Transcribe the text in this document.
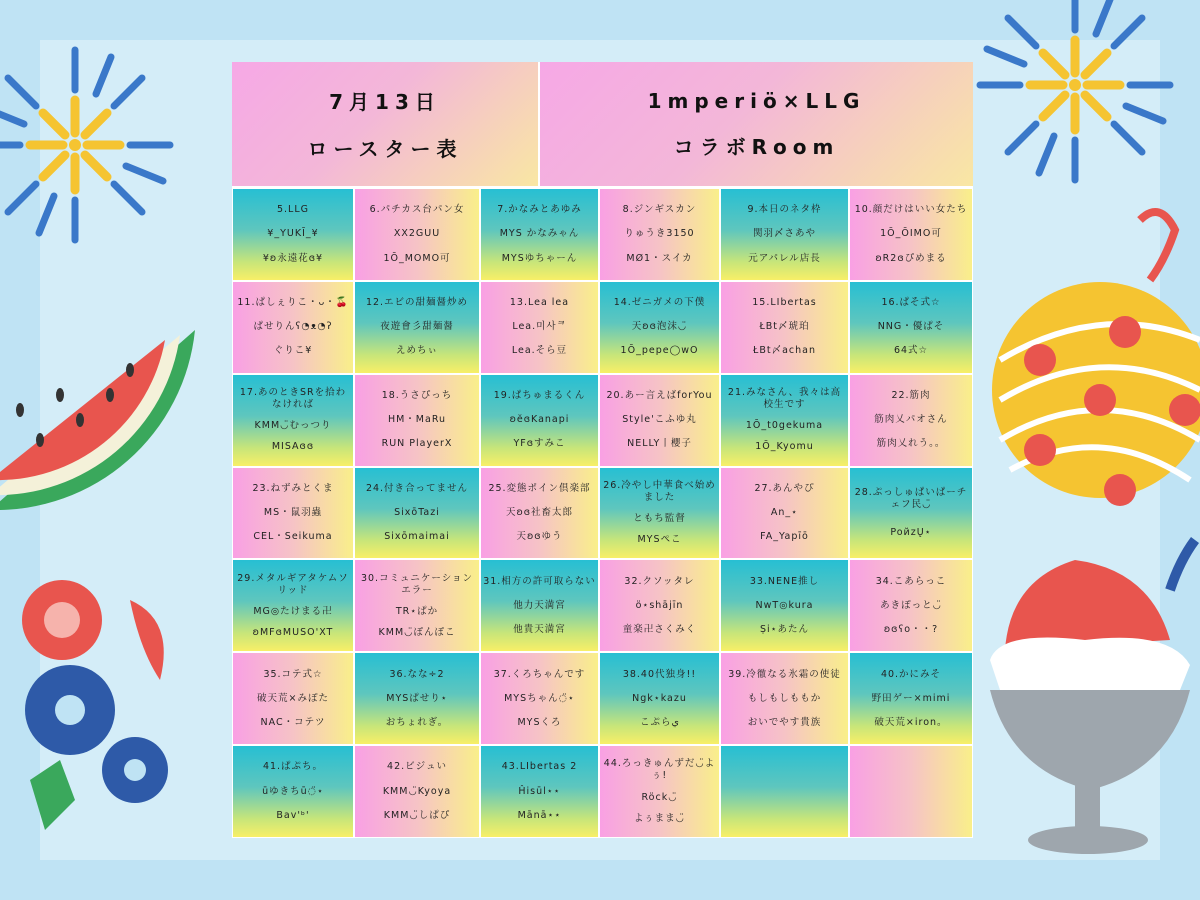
7月13日
ロースター表
1mperiö×LLG
コラボRoom
5.LLG
¥_YUKĪ_¥
¥ʚ永遠花ɞ¥
6.パチカス台パン女
XX2GUU
1Ō_MOMO可
7.かなみとあゆみ
MYS かなみゃん
MYSゆちゃーん
8.ジンギスカン
りゅうき3150
MØ1・スイカ
9.本日のネタ枠
関羽〆さあや
元アパレル店長
10.顔だけはいい女たち
1Ō_ŌIMO可
ʚR2ɞぴめまる
11.ぱしぇりこ・ᴗ・🍒
ぱせりんʕ◔ᴥ◔ʔ
ぐりこ¥
12.エビの甜麺醤炒め
夜遊會彡甜麺醤
えめちぃ
13.Lea lea
Lea.미사ᄏ
Lea.そら豆
14.ゼニガメの下僕
天ʚɞ泡沫◡̈
1Ō_pepe◯wO
15.LIbertas
ŁBt〆琥珀
ŁBt〆achan
16.ぱそ式☆
NNG・優ぱそ
64式☆
17.あのときSRを拾わなければ
KMM◡̈むっつり
MISAɞɞ
18.うさぴっち
HM・MaRu
RUN PlayerX
19.ぱちゅまるくん
ʚĕɞKanapi
YFɞすみこ
20.あー言えばforYou
Style'こふゆ丸
NELLY丨櫻子
21.みなさん、我々は高校生です
1Ō_t0gekuma
1Ō_Kyomu
22.筋肉
筋肉乂パオさん
筋肉乂れう。。
23.ねずみとくま
MS・鼠羽蟲
CEL・Seikuma
24.付き合ってません
SixōTazi
Sixōmaimai
25.変態ポイン倶楽部
天ʚɞ社畜太郎
天ʚɞゆう
26.冷やし中華食べ始めました
ともち監督
MYSぺこ
27.あんやぴ
An_⋆
FA_Yapīō
28.ぷっしゅぱいぱーチェフ民◡̈
PoйzŲ⋆
29.メタルギアタケムソリッド
MG◎たけまる卍
ʚMFɞMUSO'XT
30.コミュニケーションエラー
TR⋆ぱか
KMM◡̈ぽんぽこ
31.相方の許可取らない
他力天満宮
他貴天満宮
32.クソッタレ
ö⋆shājīn
童楽卍さくみく
33.NENE推し
NwT◎kura
Ṣi⋆あたん
34.こあらっこ
あきぽっと◡̈
ʚɞʕo・・?
35.コテ式☆
破天荒×みぽた
NAC・コテツ
36.なな÷2
MYSぱせり⋆
おちょれぎ。
37.くろちゃんです
MYSちゃん◌̈⋆
MYSくろ
38.40代独身!!
Ngk⋆kazu
こぷらي
39.冷徹なる氷霜の使徒
もしもしももか
おいでやす貴族
40.かにみそ
野田ゲー×mimi
破天荒×iron。
41.ぱぷち。
ūゆきちū◌̈⋆
Bav'ᵇ'
42.ビジュい
KMM◡̈Kyoya
KMM◡̈しぱぴ
43.LIbertas 2
Ĥisūl⋆⋆
Mānā⋆⋆
44.ろっきゅんずだ◡̈よぅ!
Röck◡̈
よぅまま◡̈
